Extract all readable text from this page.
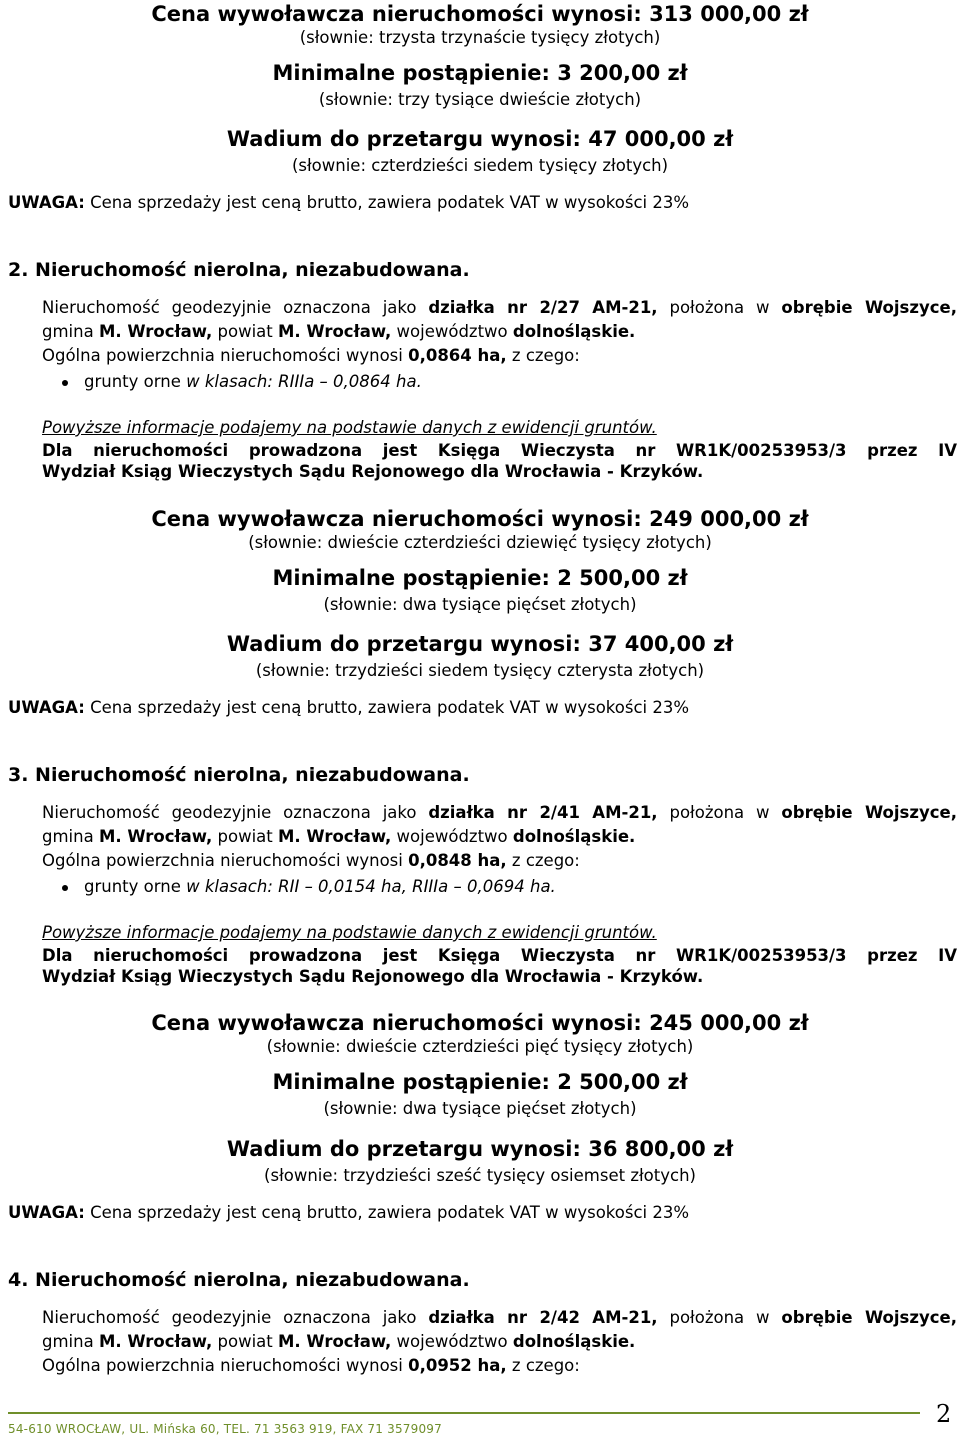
Cena wywoławcza nieruchomości wynosi: 313 000,00 zł
(słownie: trzysta trzynaście tysięcy złotych)
Minimalne postąpienie: 3 200,00 zł
(słownie: trzy tysiące dwieście złotych)
Wadium do przetargu wynosi: 47 000,00 zł
(słownie: czterdzieści siedem tysięcy złotych)
UWAGA: Cena sprzedaży jest ceną brutto, zawiera podatek VAT w wysokości 23%
2. Nieruchomość nierolna, niezabudowana.
Nieruchomość geodezyjnie oznaczona jako działka nr 2/27 AM-21, położona w obrębie Wojszyce,
gmina M. Wrocław, powiat M. Wrocław, województwo dolnośląskie.
Ogólna powierzchnia nieruchomości wynosi 0,0864 ha, z czego:
grunty orne w klasach: RIIIa – 0,0864 ha.
Powyższe informacje podajemy na podstawie danych z ewidencji gruntów.
Dla nieruchomości prowadzona jest Księga Wieczysta nr WR1K/00253953/3 przez IV
Wydział Ksiąg Wieczystych Sądu Rejonowego dla Wrocławia - Krzyków.
Cena wywoławcza nieruchomości wynosi: 249 000,00 zł
(słownie: dwieście czterdzieści dziewięć tysięcy złotych)
Minimalne postąpienie: 2 500,00 zł
(słownie: dwa tysiące pięćset złotych)
Wadium do przetargu wynosi: 37 400,00 zł
(słownie: trzydzieści siedem tysięcy czterysta złotych)
UWAGA: Cena sprzedaży jest ceną brutto, zawiera podatek VAT w wysokości 23%
3. Nieruchomość nierolna, niezabudowana.
Nieruchomość geodezyjnie oznaczona jako działka nr 2/41 AM-21, położona w obrębie Wojszyce,
gmina M. Wrocław, powiat M. Wrocław, województwo dolnośląskie.
Ogólna powierzchnia nieruchomości wynosi 0,0848 ha, z czego:
grunty orne w klasach: RII – 0,0154 ha, RIIIa – 0,0694 ha.
Powyższe informacje podajemy na podstawie danych z ewidencji gruntów.
Dla nieruchomości prowadzona jest Księga Wieczysta nr WR1K/00253953/3 przez IV
Wydział Ksiąg Wieczystych Sądu Rejonowego dla Wrocławia - Krzyków.
Cena wywoławcza nieruchomości wynosi: 245 000,00 zł
(słownie: dwieście czterdzieści pięć tysięcy złotych)
Minimalne postąpienie: 2 500,00 zł
(słownie: dwa tysiące pięćset złotych)
Wadium do przetargu wynosi: 36 800,00 zł
(słownie: trzydzieści sześć tysięcy osiemset złotych)
UWAGA: Cena sprzedaży jest ceną brutto, zawiera podatek VAT w wysokości 23%
4. Nieruchomość nierolna, niezabudowana.
Nieruchomość geodezyjnie oznaczona jako działka nr 2/42 AM-21, położona w obrębie Wojszyce,
gmina M. Wrocław, powiat M. Wrocław, województwo dolnośląskie.
Ogólna powierzchnia nieruchomości wynosi 0,0952 ha, z czego:
54-610 WROCŁAW, UL. Mińska 60, TEL. 71 3563 919, FAX 71 3579097
2
